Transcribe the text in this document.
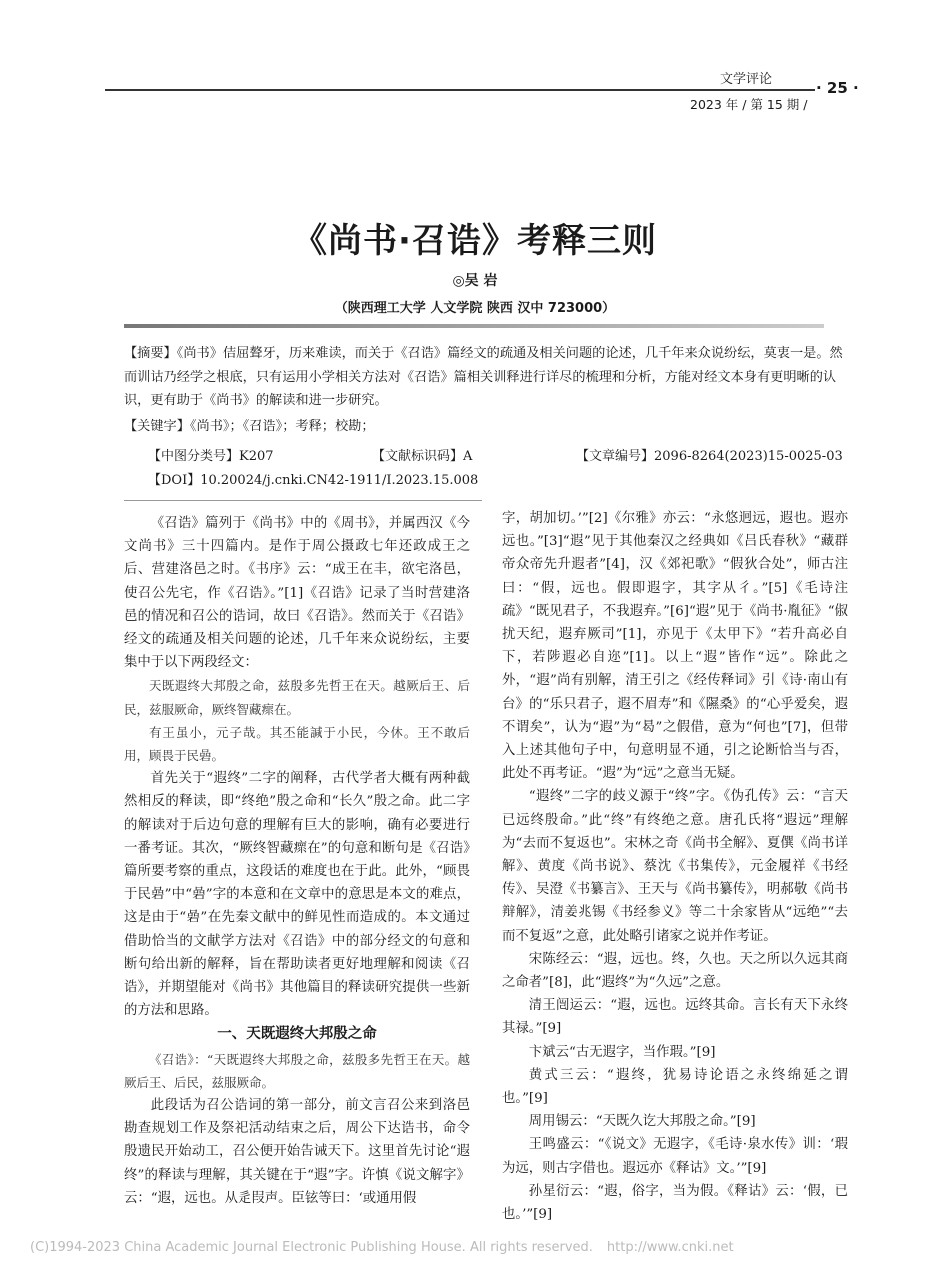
文学评论	· 25 ·
2023 年 / 第 15 期 /
《尚书·召诰》考释三则
◎吴 岩
（陕西理工大学 人文学院 陕西 汉中 723000）

【摘要】《尚书》佶屈聱牙，历来难读，而关于《召诰》篇经文的疏通及相关问题的论述，几千年来众说纷纭，莫衷一是。然而训诂乃经学之根底，只有运用小学相关方法对《召诰》篇相关训释进行详尽的梳理和分析，方能对经文本身有更明晰的认识，更有助于《尚书》的解读和进一步研究。

【关键字】《尚书》；《召诰》；考释；校勘；

【中图分类号】K207	【文献标识码】A	【文章编号】2096-8264(2023)15-0025-03
【DOI】10.20024/j.cnki.CN42-1911/I.2023.15.008

《召诰》篇列于《尚书》中的《周书》，并属西汉《今文尚书》三十四篇内。是作于周公摄政七年还政成王之后、营建洛邑之时。《书序》云：“成王在丰，欲宅洛邑，使召公先宅，作《召诰》。”[1]《召诰》记录了当时营建洛邑的情况和召公的诰词，故曰《召诰》。然而关于《召诰》经文的疏通及相关问题的论述，几千年来众说纷纭，主要集中于以下两段经文：

天既遐终大邦殷之命，兹殷多先哲王在天。越厥后王、后民，兹服厥命，厥终智藏瘝在。

有王虽小，元子哉。其丕能諴于小民，今休。王不敢后用，顾畏于民碞。

首先关于“遐终”二字的阐释，古代学者大概有两种截然相反的释读，即“终绝”殷之命和“长久”殷之命。此二字的解读对于后边句意的理解有巨大的影响，确有必要进行一番考证。其次，“厥终智藏瘝在”的句意和断句是《召诰》篇所要考察的重点，这段话的难度也在于此。此外，“顾畏于民碞”中“碞”字的本意和在文章中的意思是本文的难点，这是由于“碞”在先秦文献中的鲜见性而造成的。本文通过借助恰当的文献学方法对《召诰》中的部分经文的句意和断句给出新的解释，旨在帮助读者更好地理解和阅读《召诰》，并期望能对《尚书》其他篇目的释读研究提供一些新的方法和思路。

一、天既遐终大邦殷之命

《召诰》：“天既遐终大邦殷之命，兹殷多先哲王在天。越厥后王、后民，兹服厥命。

此段话为召公诰词的第一部分，前文言召公来到洛邑勘查规划工作及祭祀活动结束之后，周公下达诰书，命令殷遗民开始动工，召公便开始告诫天下。这里首先讨论“遐终”的释读与理解，其关键在于“遐”字。许慎《说文解字》云：“遐，远也。从辵叚声。臣铉等曰：‘或通用假

字，胡加切。’”[2]《尔雅》亦云：“永悠迥远，遐也。遐亦远也。”[3]“遐”见于其他秦汉之经典如《吕氏春秋》“藏群帝众帝先升遐者”[4]，汉《郊祀歌》“假狄合处”，师古注曰：“假，远也。假即遐字，其字从彳。”[5]《毛诗注疏》“既见君子，不我遐弃。”[6]“遐”见于《尚书·胤征》“俶扰天纪，遐弃厥司”[1]，亦见于《太甲下》“若升高必自下，若陟遐必自迩”[1]。以上“遐”皆作“远”。除此之外，“遐”尚有别解，清王引之《经传释词》引《诗·南山有台》的“乐只君子，遐不眉寿”和《隰桑》的“心乎爱矣，遐不谓矣”，认为“遐”为“曷”之假借，意为“何也”[7]，但带入上述其他句子中，句意明显不通，引之论断恰当与否，此处不再考证。“遐”为“远”之意当无疑。

“遐终”二字的歧义源于“终”字。《伪孔传》云：“言天已远终殷命。”此“终”有终绝之意。唐孔氏将“遐远”理解为“去而不复返也”。宋林之奇《尚书全解》、夏僎《尚书详解》、黄度《尚书说》、蔡沈《书集传》，元金履祥《书经传》、吴澄《书纂言》、王天与《尚书纂传》，明郝敬《尚书辩解》，清姜兆锡《书经参义》等二十余家皆从“远绝”“去而不复返”之意，此处略引诸家之说并作考证。

宋陈经云：“遐，远也。终，久也。天之所以久远其商之命者”[8]，此“遐终”为“久远”之意。

清王闿运云：“遐，远也。远终其命。言长有天下永终其禄。”[9]

卞斌云“古无遐字，当作瑕。”[9]

黄式三云：“遐终，犹易诗论语之永终绵延之谓也。”[9]

周用锡云：“天既久讫大邦殷之命。”[9]

王鸣盛云：“《说文》无遐字，《毛诗·泉水传》训：‘瑕为远，则古字借也。遐远亦《释诂》文。’”[9]

孙星衍云：“遐，俗字，当为假。《释诂》云：‘假，已也。’”[9]

(C)1994-2023 China Academic Journal Electronic Publishing House. All rights reserved. http://www.cnki.net
